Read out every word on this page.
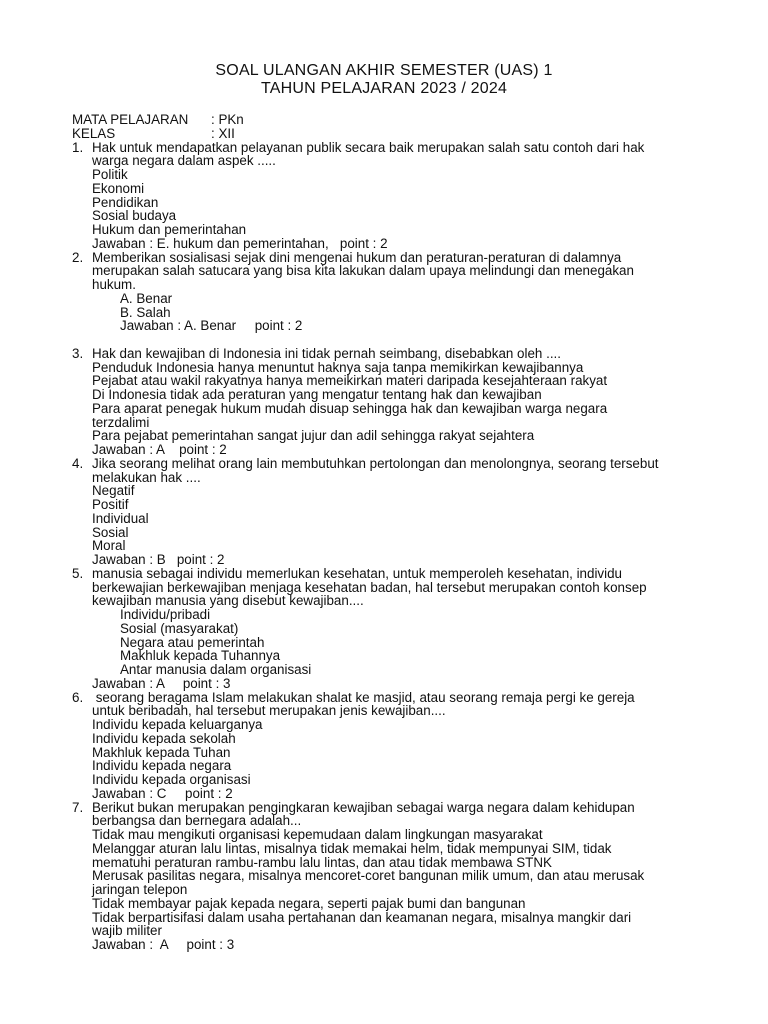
SOAL ULANGAN AKHIR SEMESTER (UAS) 1
TAHUN PELAJARAN 2023 / 2024
MATA PELAJARAN	: PKn
KELAS	: XII
1. Hak untuk mendapatkan pelayanan publik secara baik merupakan salah satu contoh dari hak
warga negara dalam aspek .....
Politik
Ekonomi
Pendidikan
Sosial budaya
Hukum dan pemerintahan
Jawaban : E. hukum dan pemerintahan,   point : 2
2. Memberikan sosialisasi sejak dini mengenai hukum dan peraturan-peraturan di dalamnya
merupakan salah satucara yang bisa kita lakukan dalam upaya melindungi dan menegakan
hukum.
A. Benar
B. Salah
Jawaban : A. Benar     point : 2
3. Hak dan kewajiban di Indonesia ini tidak pernah seimbang, disebabkan oleh ....
Penduduk Indonesia hanya menuntut haknya saja tanpa memikirkan kewajibannya
Pejabat atau wakil rakyatnya hanya memeikirkan materi daripada kesejahteraan rakyat
Di Indonesia tidak ada peraturan yang mengatur tentang hak dan kewajiban
Para aparat penegak hukum mudah disuap sehingga hak dan kewajiban warga negara
terzdalimi
Para pejabat pemerintahan sangat jujur dan adil sehingga rakyat sejahtera
Jawaban : A    point : 2
4. Jika seorang melihat orang lain membutuhkan pertolongan dan menolongnya, seorang tersebut
melakukan hak ....
Negatif
Positif
Individual
Sosial
Moral
Jawaban : B   point : 2
5. manusia sebagai individu memerlukan kesehatan, untuk memperoleh kesehatan, individu
berkewajian berkewajiban menjaga kesehatan badan, hal tersebut merupakan contoh konsep
kewajiban manusia yang disebut kewajiban....
Individu/pribadi
Sosial (masyarakat)
Negara atau pemerintah
Makhluk kepada Tuhannya
Antar manusia dalam organisasi
Jawaban : A     point : 3
6. seorang beragama Islam melakukan shalat ke masjid, atau seorang remaja pergi ke gereja
untuk beribadah, hal tersebut merupakan jenis kewajiban....
Individu kepada keluarganya
Individu kepada sekolah
Makhluk kepada Tuhan
Individu kepada negara
Individu kepada organisasi
Jawaban : C     point : 2
7. Berikut bukan merupakan pengingkaran kewajiban sebagai warga negara dalam kehidupan
berbangsa dan bernegara adalah...
Tidak mau mengikuti organisasi kepemudaan dalam lingkungan masyarakat
Melanggar aturan lalu lintas, misalnya tidak memakai helm, tidak mempunyai SIM, tidak
mematuhi peraturan rambu-rambu lalu lintas, dan atau tidak membawa STNK
Merusak pasilitas negara, misalnya mencoret-coret bangunan milik umum, dan atau merusak
jaringan telepon
Tidak membayar pajak kepada negara, seperti pajak bumi dan bangunan
Tidak berpartisifasi dalam usaha pertahanan dan keamanan negara, misalnya mangkir dari
wajib militer
Jawaban :  A     point : 3
